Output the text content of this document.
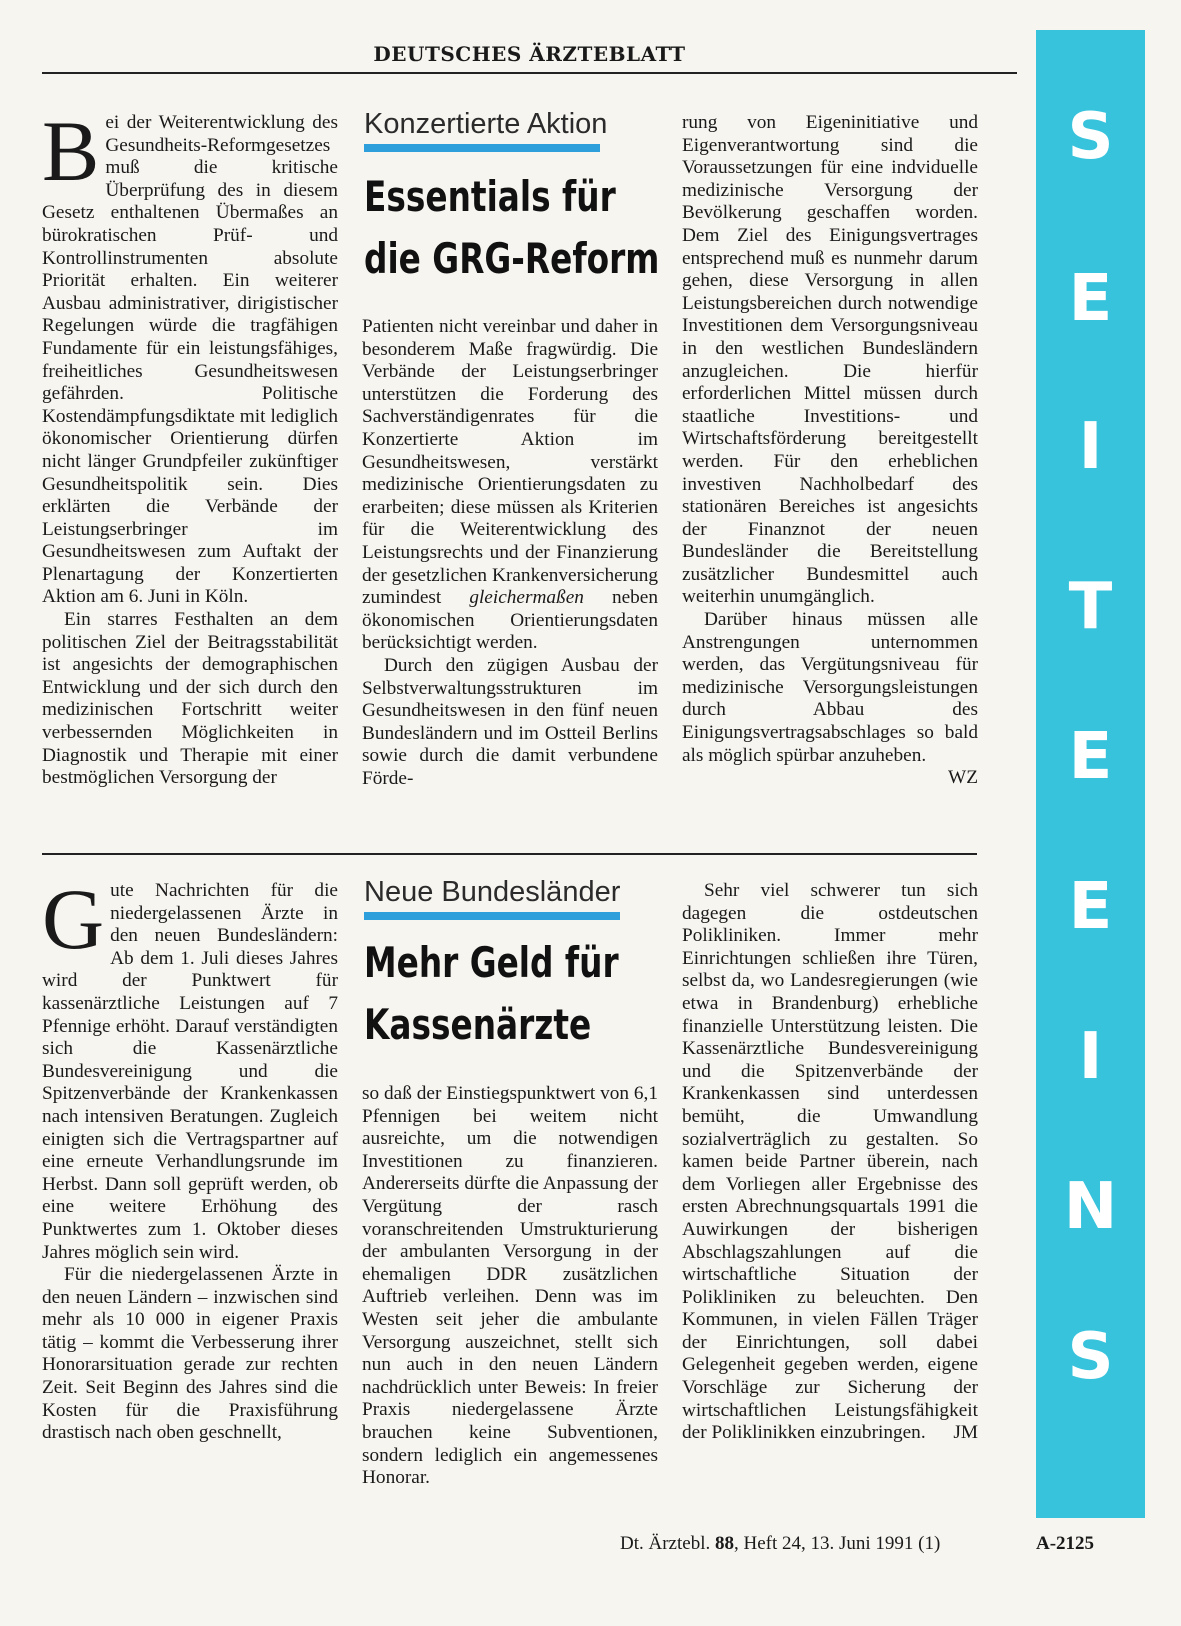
DEUTSCHES ÄRZTEBLATT
S
E
I
T
E
E
I
N
S

Bei der Weiterentwicklung des Gesundheits-Reformgesetzes muß die kritische Überprüfung des in diesem Gesetz enthaltenen Übermaßes an bürokratischen Prüf- und Kontrollinstrumenten absolute Priorität erhalten. Ein weiterer Ausbau administrativer, dirigistischer Regelungen würde die tragfähigen Fundamente für ein leistungsfähiges, freiheitliches Gesundheitswesen gefährden. Politische Kostendämpfungsdiktate mit lediglich ökonomischer Orientierung dürfen nicht länger Grundpfeiler zukünftiger Gesundheitspolitik sein. Dies erklärten die Verbände der Leistungserbringer im Gesundheitswesen zum Auftakt der Plenartagung der Konzertierten Aktion am 6. Juni in Köln.

Ein starres Festhalten an dem politischen Ziel der Beitragsstabilität ist angesichts der demographischen Entwicklung und der sich durch den medizinischen Fortschritt weiter verbessernden Möglichkeiten in Diagnostik und Therapie mit einer bestmöglichen Versorgung der

Konzertierte Aktion
Essentials für die GRG-Reform

Patienten nicht vereinbar und daher in besonderem Maße fragwürdig. Die Verbände der Leistungserbringer unterstützen die Forderung des Sachverständigenrates für die Konzertierte Aktion im Gesundheitswesen, verstärkt medizinische Orientierungsdaten zu erarbeiten; diese müssen als Kriterien für die Weiterentwicklung des Leistungsrechts und der Finanzierung der gesetzlichen Krankenversicherung zumindest gleichermaßen neben ökonomischen Orientierungsdaten berücksichtigt werden.

Durch den zügigen Ausbau der Selbstverwaltungsstrukturen im Gesundheitswesen in den fünf neuen Bundesländern und im Ostteil Berlins sowie durch die damit verbundene Förde-

rung von Eigeninitiative und Eigenverantwortung sind die Voraussetzungen für eine indviduelle medizinische Versorgung der Bevölkerung geschaffen worden. Dem Ziel des Einigungsvertrages entsprechend muß es nunmehr darum gehen, diese Versorgung in allen Leistungsbereichen durch notwendige Investitionen dem Versorgungsniveau in den westlichen Bundesländern anzugleichen. Die hierfür erforderlichen Mittel müssen durch staatliche Investitions- und Wirtschaftsförderung bereitgestellt werden. Für den erheblichen investiven Nachholbedarf des stationären Bereiches ist angesichts der Finanznot der neuen Bundesländer die Bereitstellung zusätzlicher Bundesmittel auch weiterhin unumgänglich.

Darüber hinaus müssen alle Anstrengungen unternommen werden, das Vergütungsniveau für medizinische Versorgungsleistungen durch Abbau des Einigungsvertragsabschlages so bald als möglich spürbar anzuheben.
WZ

Gute Nachrichten für die niedergelassenen Ärzte in den neuen Bundesländern: Ab dem 1. Juli dieses Jahres wird der Punktwert für kassenärztliche Leistungen auf 7 Pfennige erhöht. Darauf verständigten sich die Kassenärztliche Bundesvereinigung und die Spitzenverbände der Krankenkassen nach intensiven Beratungen. Zugleich einigten sich die Vertragspartner auf eine erneute Verhandlungsrunde im Herbst. Dann soll geprüft werden, ob eine weitere Erhöhung des Punktwertes zum 1. Oktober dieses Jahres möglich sein wird.

Für die niedergelassenen Ärzte in den neuen Ländern – inzwischen sind mehr als 10 000 in eigener Praxis tätig – kommt die Verbesserung ihrer Honorarsituation gerade zur rechten Zeit. Seit Beginn des Jahres sind die Kosten für die Praxisführung drastisch nach oben geschnellt,

Neue Bundesländer
Mehr Geld für Kassenärzte

so daß der Einstiegspunktwert von 6,1 Pfennigen bei weitem nicht ausreichte, um die notwendigen Investitionen zu finanzieren. Andererseits dürfte die Anpassung der Vergütung der rasch voranschreitenden Umstrukturierung der ambulanten Versorgung in der ehemaligen DDR zusätzlichen Auftrieb verleihen. Denn was im Westen seit jeher die ambulante Versorgung auszeichnet, stellt sich nun auch in den neuen Ländern nachdrücklich unter Beweis: In freier Praxis niedergelassene Ärzte brauchen keine Subventionen, sondern lediglich ein angemessenes Honorar.

Sehr viel schwerer tun sich dagegen die ostdeutschen Polikliniken. Immer mehr Einrichtungen schließen ihre Türen, selbst da, wo Landesregierungen (wie etwa in Brandenburg) erhebliche finanzielle Unterstützung leisten. Die Kassenärztliche Bundesvereinigung und die Spitzenverbände der Krankenkassen sind unterdessen bemüht, die Umwandlung sozialverträglich zu gestalten. So kamen beide Partner überein, nach dem Vorliegen aller Ergebnisse des ersten Abrechnungsquartals 1991 die Auwirkungen der bisherigen Abschlagszahlungen auf die wirtschaftliche Situation der Polikliniken zu beleuchten. Den Kommunen, in vielen Fällen Träger der Einrichtungen, soll dabei Gelegenheit gegeben werden, eigene Vorschläge zur Sicherung der wirtschaftlichen Leistungsfähigkeit der Poliklinikken einzubringen.	JM

Dt. Ärztebl. 88, Heft 24, 13. Juni 1991 (1)	A-2125
